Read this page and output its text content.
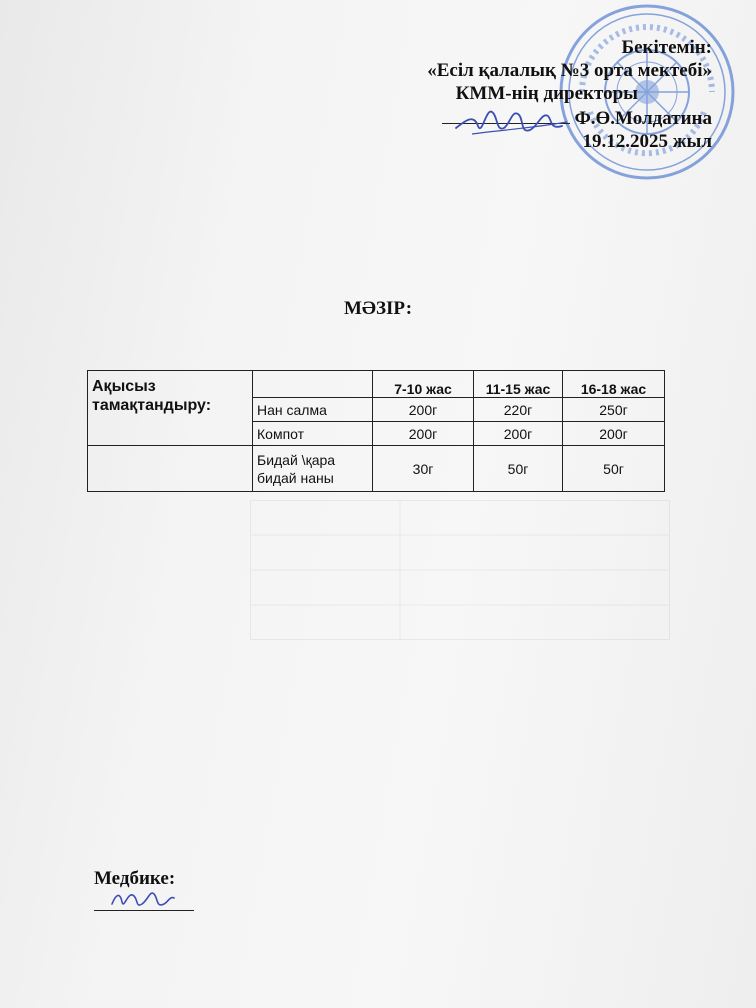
Бекітемін:
«Есіл қалалық №3 орта мектебі»
КММ-нің директоры
Ф.Ө.Молдатина
19.12.2025 жыл
МӘЗІР:
Ақысыз тамақтандыру:		7-10 жас	11-15 жас	16-18 жас
	Нан салма	200г	220г	250г
	Компот	200г	200г	200г
	Бидай \қара бидай наны	30г	50г	50г
Медбике:
